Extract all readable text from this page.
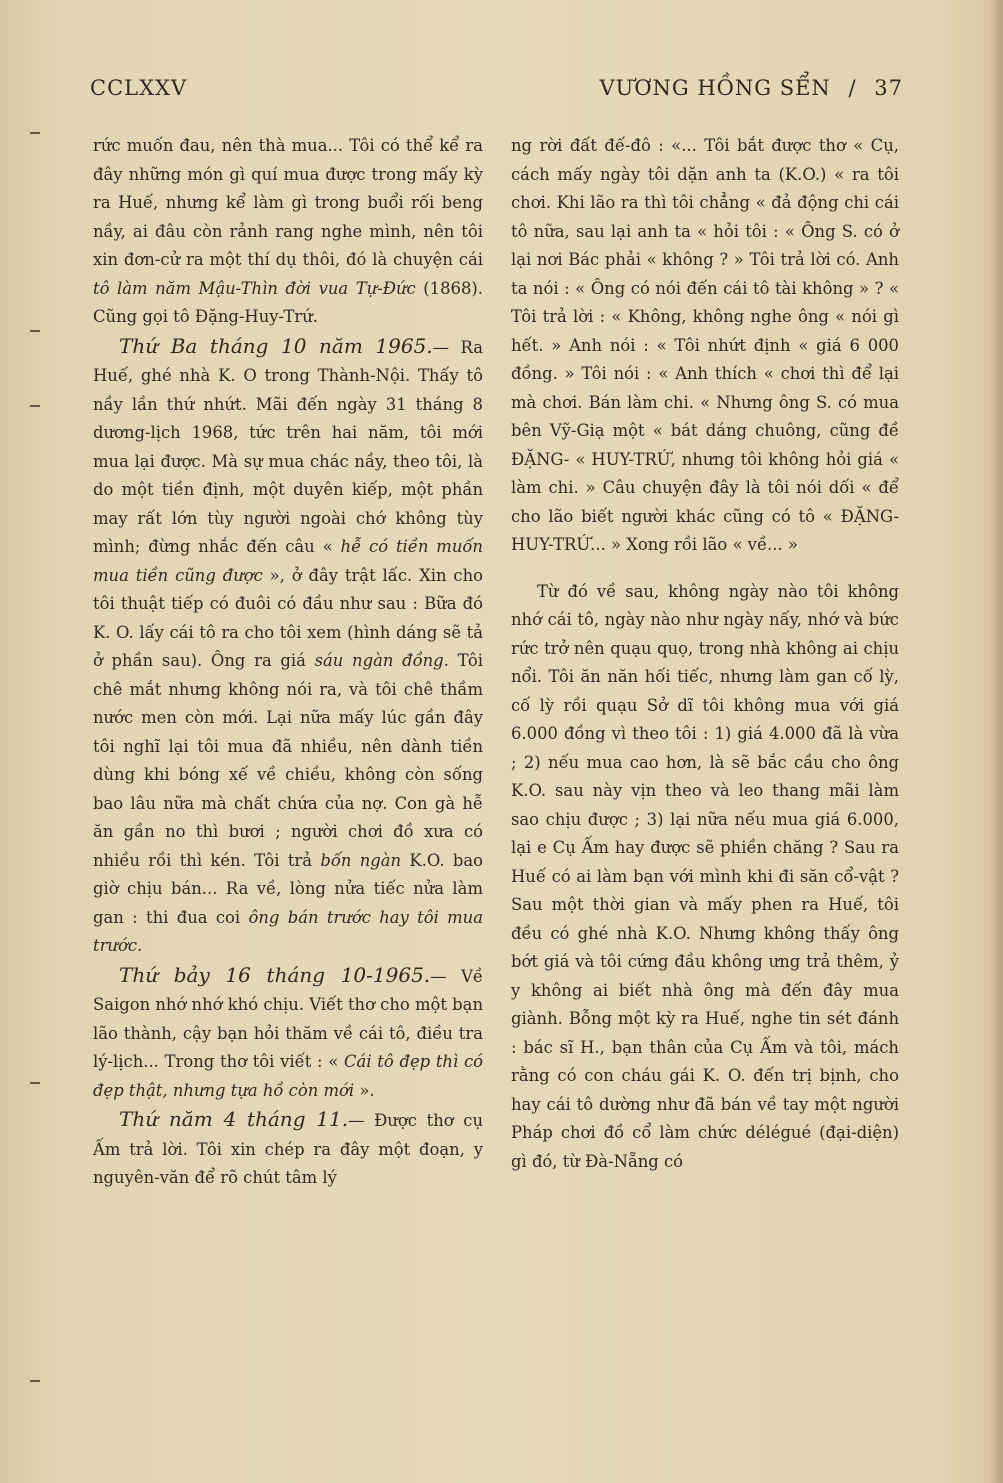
CCLXXV	VƯƠNG HỒNG SỂN / 37

rức muốn đau, nên thà mua... Tôi có thể kể ra đây những món gì quí mua được trong mấy kỳ ra Huế, nhưng kể làm gì trong buổi rối beng nầy, ai đâu còn rảnh rang nghe mình, nên tôi xin đơn-cử ra một thí dụ thôi, đó là chuyện cái tô làm năm Mậu-Thìn đời vua Tự-Đức (1868). Cũng gọi tô Đặng-Huy-Trứ.

Thứ Ba tháng 10 năm 1965.— Ra Huế, ghé nhà K. O trong Thành-Nội. Thấy tô nầy lần thứ nhứt. Mãi đến ngày 31 tháng 8 dương-lịch 1968, tức trên hai năm, tôi mới mua lại được. Mà sự mua chác nầy, theo tôi, là do một tiền định, một duyên kiếp, một phần may rất lớn tùy người ngoài chớ không tùy mình; đừng nhắc đến câu « hễ có tiền muốn mua tiền cũng được », ở đây trật lấc. Xin cho tôi thuật tiếp có đuôi có đầu như sau : Bữa đó K. O. lấy cái tô ra cho tôi xem (hình dáng sẽ tả ở phần sau). Ông ra giá sáu ngàn đồng. Tôi chê mắt nhưng không nói ra, và tôi chê thầm nước men còn mới. Lại nữa mấy lúc gần đây tôi nghĩ lại tôi mua đã nhiều, nên dành tiền dùng khi bóng xế về chiều, không còn sống bao lâu nữa mà chất chứa của nợ. Con gà hễ ăn gần no thì bươi ; người chơi đồ xưa có nhiều rồi thì kén. Tôi trả bốn ngàn K.O. bao giờ chịu bán... Ra về, lòng nửa tiếc nửa làm gan : thi đua coi ông bán trước hay tôi mua trước.

Thứ bảy 16 tháng 10-1965.— Về Saigon nhớ nhớ khó chịu. Viết thơ cho một bạn lão thành, cậy bạn hỏi thăm về cái tô, điều tra lý-lịch... Trong thơ tôi viết : « Cái tô đẹp thì có đẹp thật, nhưng tựa hồ còn mới ».

Thứ năm 4 tháng 11.— Được thơ cụ Ấm trả lời. Tôi xin chép ra đây một đoạn, y nguyên-văn để rõ chút tâm lý

ng rời đất đế-đô : «... Tôi bắt được thơ « Cụ, cách mấy ngày tôi dặn anh ta (K.O.) « ra tôi chơi. Khi lão ra thì tôi chẳng « đả động chi cái tô nữa, sau lại anh ta « hỏi tôi : « Ông S. có ở lại nơi Bác phải « không ? » Tôi trả lời có. Anh ta nói : « Ông có nói đến cái tô tài không » ? « Tôi trả lời : « Không, không nghe ông « nói gì hết. » Anh nói : « Tôi nhứt định « giá 6 000 đồng. » Tôi nói : « Anh thích « chơi thì để lại mà chơi. Bán làm chi. « Nhưng ông S. có mua bên Vỹ-Giạ một « bát dáng chuông, cũng đề ĐẶNG- « HUY-TRỨ, nhưng tôi không hỏi giá « làm chi. » Câu chuyện đây là tôi nói dối « để cho lão biết người khác cũng có tô « ĐẶNG-HUY-TRỨ... » Xong rồi lão « về... »

Từ đó về sau, không ngày nào tôi không nhớ cái tô, ngày nào như ngày nấy, nhớ và bức rức trở nên quạu quọ, trong nhà không ai chịu nổi. Tôi ăn năn hối tiếc, nhưng làm gan cố lỳ, cố lỳ rồi quạu Sở dĩ tôi không mua với giá 6.000 đồng vì theo tôi : 1) giá 4.000 đã là vừa ; 2) nếu mua cao hơn, là sẽ bắc cầu cho ông K.O. sau này vịn theo và leo thang mãi làm sao chịu được ; 3) lại nữa nếu mua giá 6.000, lại e Cụ Ấm hay được sẽ phiền chăng ? Sau ra Huế có ai làm bạn với mình khi đi săn cổ-vật ? Sau một thời gian và mấy phen ra Huế, tôi đều có ghé nhà K.O. Nhưng không thấy ông bớt giá và tôi cứng đầu không ưng trả thêm, ỷ y không ai biết nhà ông mà đến đây mua giành. Bỗng một kỳ ra Huế, nghe tin sét đánh : bác sĩ H., bạn thân của Cụ Ấm và tôi, mách rằng có con cháu gái K. O. đến trị bịnh, cho hay cái tô dường như đã bán về tay một người Pháp chơi đồ cổ làm chức délégué (đại-diện) gì đó, từ Đà-Nẵng có
